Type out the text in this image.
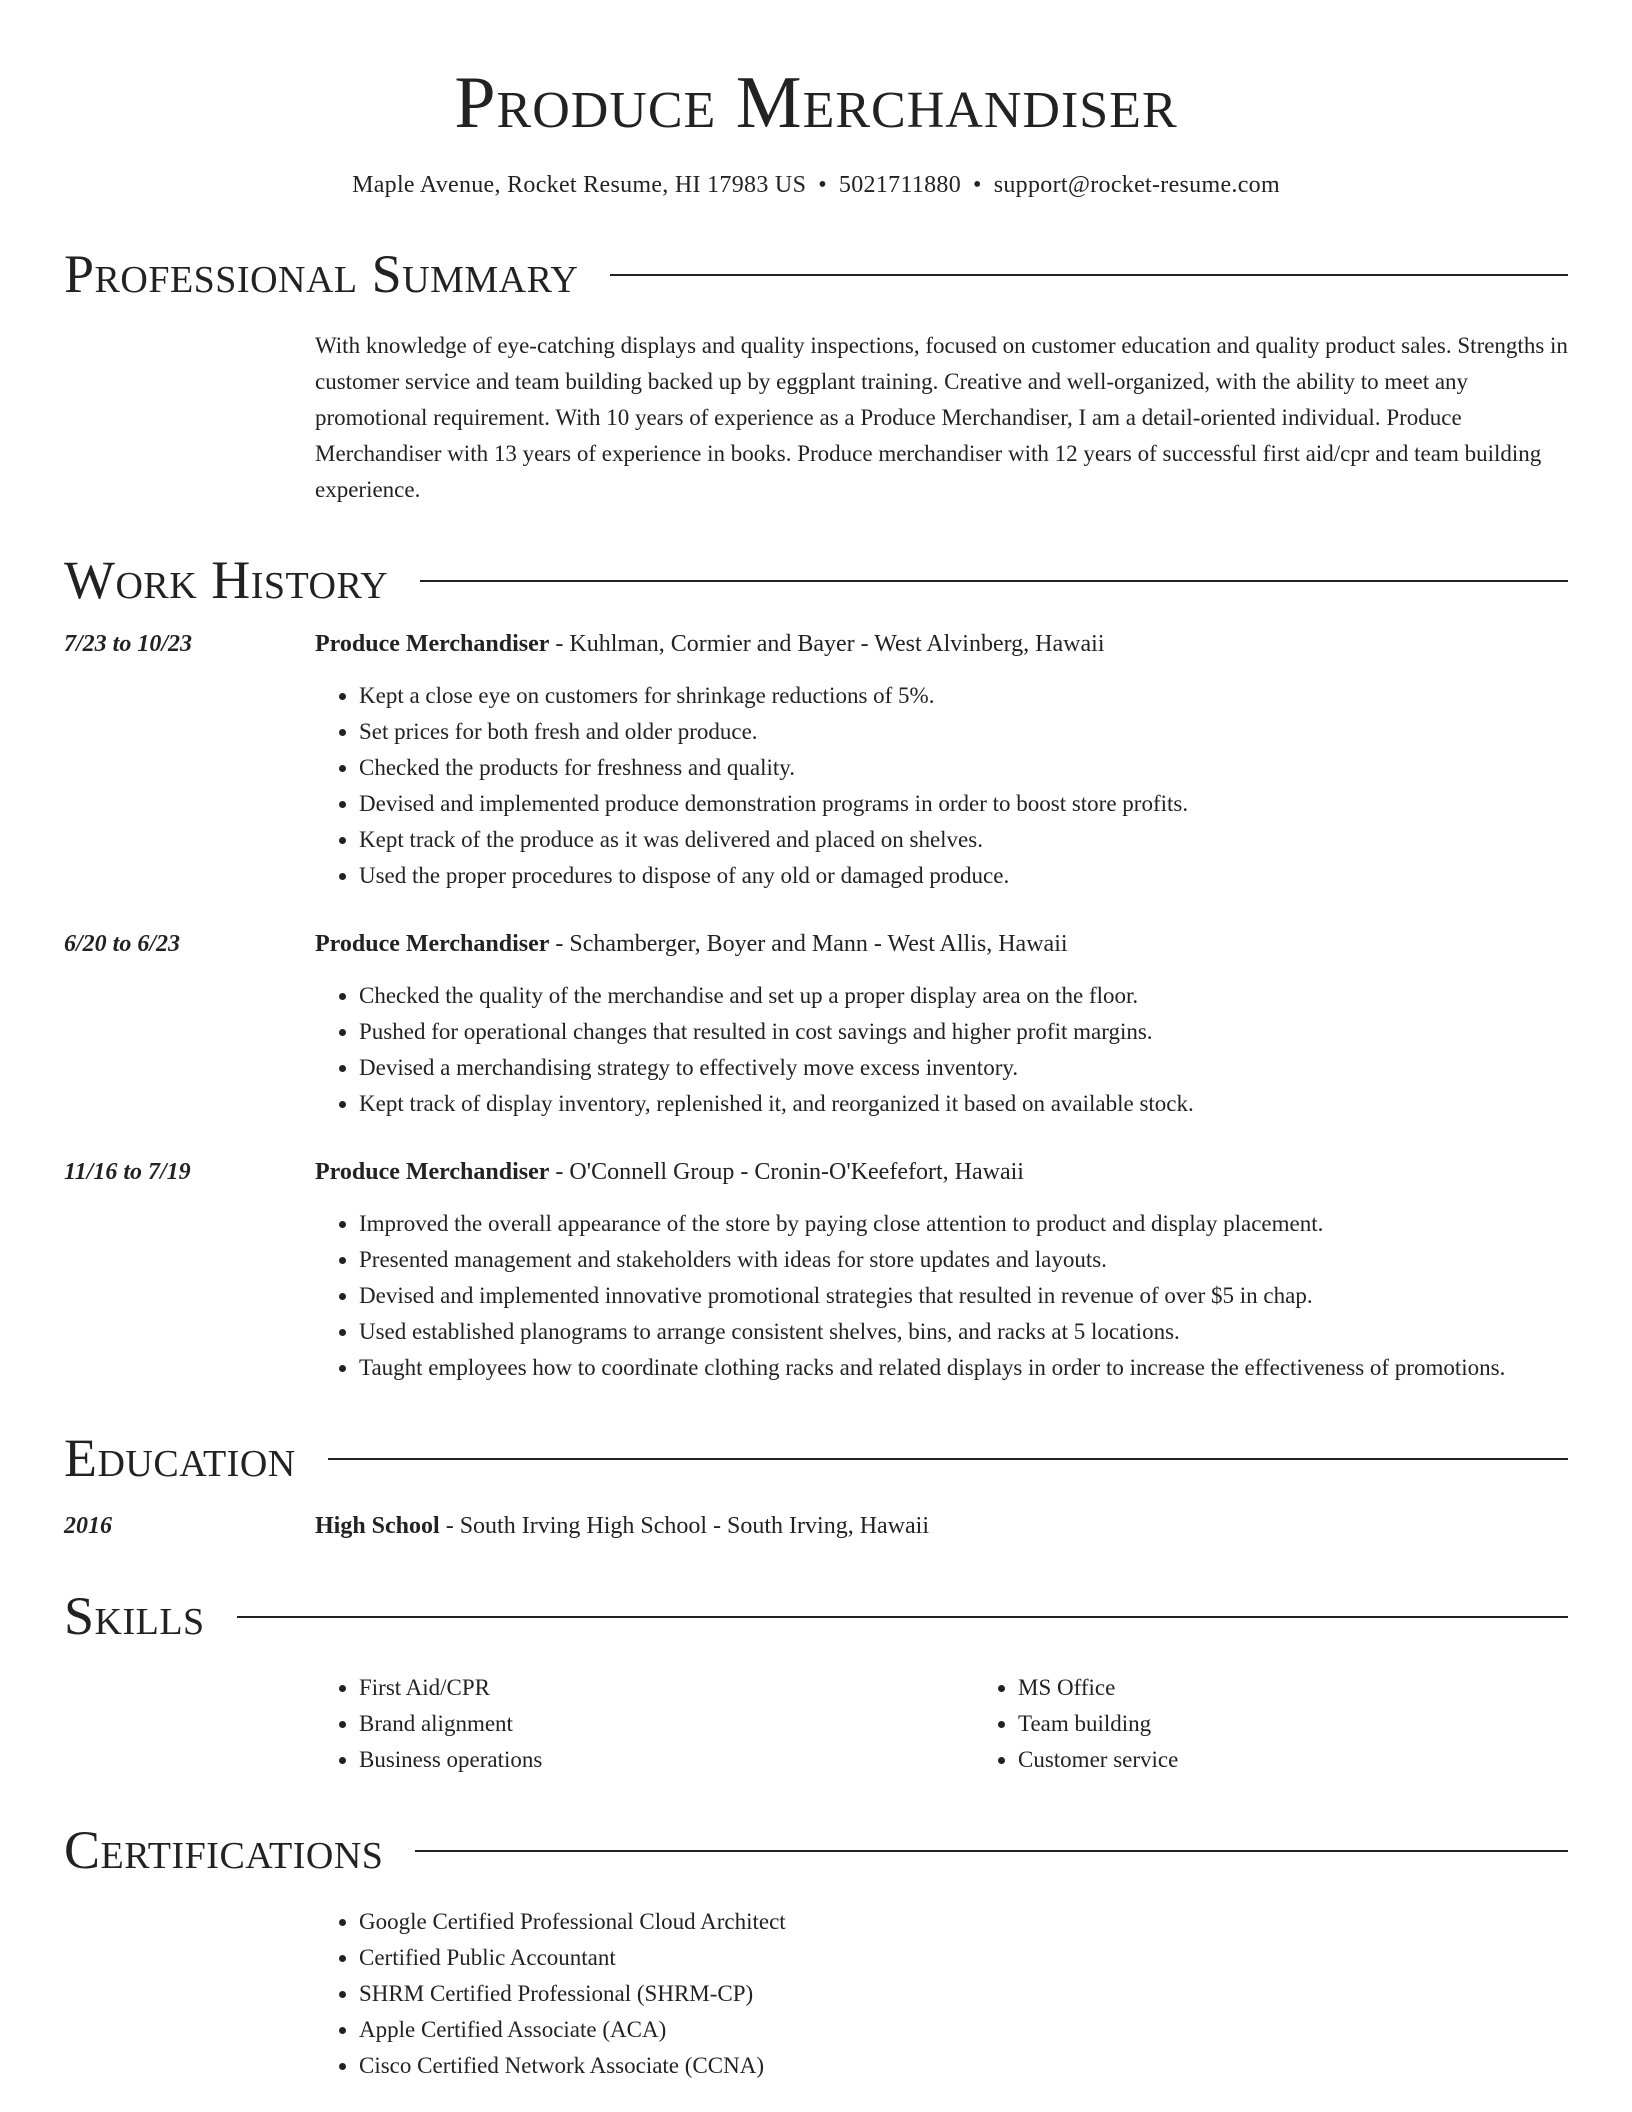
Produce Merchandiser
Maple Avenue, Rocket Resume, HI 17983 US • 5021711880 • support@rocket-resume.com
Professional Summary
With knowledge of eye-catching displays and quality inspections, focused on customer education and quality product sales. Strengths in customer service and team building backed up by eggplant training. Creative and well-organized, with the ability to meet any promotional requirement. With 10 years of experience as a Produce Merchandiser, I am a detail-oriented individual. Produce Merchandiser with 13 years of experience in books. Produce merchandiser with 12 years of successful first aid/cpr and team building experience.
Work History
7/23 to 10/23	Produce Merchandiser - Kuhlman, Cormier and Bayer - West Alvinberg, Hawaii
• Kept a close eye on customers for shrinkage reductions of 5%.
• Set prices for both fresh and older produce.
• Checked the products for freshness and quality.
• Devised and implemented produce demonstration programs in order to boost store profits.
• Kept track of the produce as it was delivered and placed on shelves.
• Used the proper procedures to dispose of any old or damaged produce.
6/20 to 6/23	Produce Merchandiser - Schamberger, Boyer and Mann - West Allis, Hawaii
• Checked the quality of the merchandise and set up a proper display area on the floor.
• Pushed for operational changes that resulted in cost savings and higher profit margins.
• Devised a merchandising strategy to effectively move excess inventory.
• Kept track of display inventory, replenished it, and reorganized it based on available stock.
11/16 to 7/19	Produce Merchandiser - O'Connell Group - Cronin-O'Keefefort, Hawaii
• Improved the overall appearance of the store by paying close attention to product and display placement.
• Presented management and stakeholders with ideas for store updates and layouts.
• Devised and implemented innovative promotional strategies that resulted in revenue of over $5 in chap.
• Used established planograms to arrange consistent shelves, bins, and racks at 5 locations.
• Taught employees how to coordinate clothing racks and related displays in order to increase the effectiveness of promotions.
Education
2016	High School - South Irving High School - South Irving, Hawaii
Skills
• First Aid/CPR
• Brand alignment
• Business operations
• MS Office
• Team building
• Customer service
Certifications
• Google Certified Professional Cloud Architect
• Certified Public Accountant
• SHRM Certified Professional (SHRM-CP)
• Apple Certified Associate (ACA)
• Cisco Certified Network Associate (CCNA)
